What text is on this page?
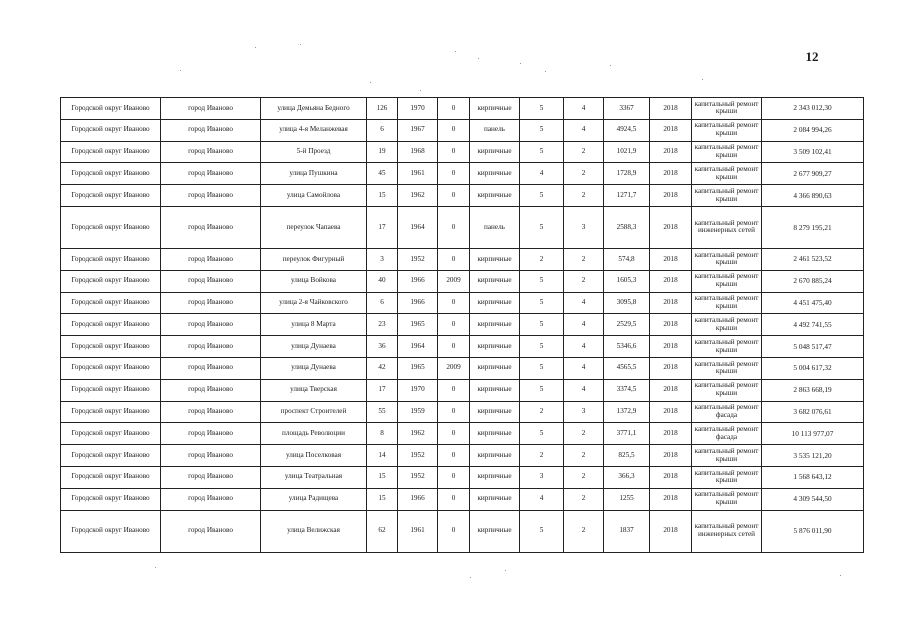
12
Городской округ Иваново	город Иваново	улица Демьяна Бедного	126	1970	0	кирпичные	5	4	3367	2018	капитальный ремонт крыши	2 343 012,30
Городской округ Иваново	город Иваново	улица 4-я Меланжевая	6	1967	0	панель	5	4	4924,5	2018	капитальный ремонт крыши	2 084 994,26
Городской округ Иваново	город Иваново	5-й Проезд	19	1968	0	кирпичные	5	2	1021,9	2018	капитальный ремонт крыши	3 509 102,41
Городской округ Иваново	город Иваново	улица Пушкина	45	1961	0	кирпичные	4	2	1728,9	2018	капитальный ремонт крыши	2 677 909,27
Городской округ Иваново	город Иваново	улица Самойлова	15	1962	0	кирпичные	5	2	1271,7	2018	капитальный ремонт крыши	4 366 890,63
Городской округ Иваново	город Иваново	переулок Чапаева	17	1964	0	панель	5	3	2588,3	2018	капитальный ремонт инженерных сетей	8 279 195,21
Городской округ Иваново	город Иваново	переулок Фигурный	3	1952	0	кирпичные	2	2	574,8	2018	капитальный ремонт крыши	2 461 523,52
Городской округ Иваново	город Иваново	улица Войкова	40	1966	2009	кирпичные	5	2	1605,3	2018	капитальный ремонт крыши	2 670 885,24
Городской округ Иваново	город Иваново	улица 2-я Чайковского	6	1966	0	кирпичные	5	4	3095,8	2018	капитальный ремонт крыши	4 451 475,40
Городской округ Иваново	город Иваново	улица 8 Марта	23	1965	0	кирпичные	5	4	2529,5	2018	капитальный ремонт крыши	4 492 741,55
Городской округ Иваново	город Иваново	улица Дунаева	36	1964	0	кирпичные	5	4	5346,6	2018	капитальный ремонт крыши	5 048 517,47
Городской округ Иваново	город Иваново	улица Дунаева	42	1965	2009	кирпичные	5	4	4565,5	2018	капитальный ремонт крыши	5 004 617,32
Городской округ Иваново	город Иваново	улица Тверская	17	1970	0	кирпичные	5	4	3374,5	2018	капитальный ремонт крыши	2 863 668,19
Городской округ Иваново	город Иваново	проспект Строителей	55	1959	0	кирпичные	2	3	1372,9	2018	капитальный ремонт фасада	3 682 076,61
Городской округ Иваново	город Иваново	площадь Революции	8	1962	0	кирпичные	5	2	3771,1	2018	капитальный ремонт фасада	10 113 977,07
Городской округ Иваново	город Иваново	улица Поселковая	14	1952	0	кирпичные	2	2	825,5	2018	капитальный ремонт крыши	3 535 121,20
Городской округ Иваново	город Иваново	улица Театральная	15	1952	0	кирпичные	3	2	366,3	2018	капитальный ремонт крыши	1 568 643,12
Городской округ Иваново	город Иваново	улица Радищева	15	1966	0	кирпичные	4	2	1255	2018	капитальный ремонт крыши	4 309 544,50
Городской округ Иваново	город Иваново	улица Велижская	62	1961	0	кирпичные	5	2	1837	2018	капитальный ремонт инженерных сетей	5 876 011,90
